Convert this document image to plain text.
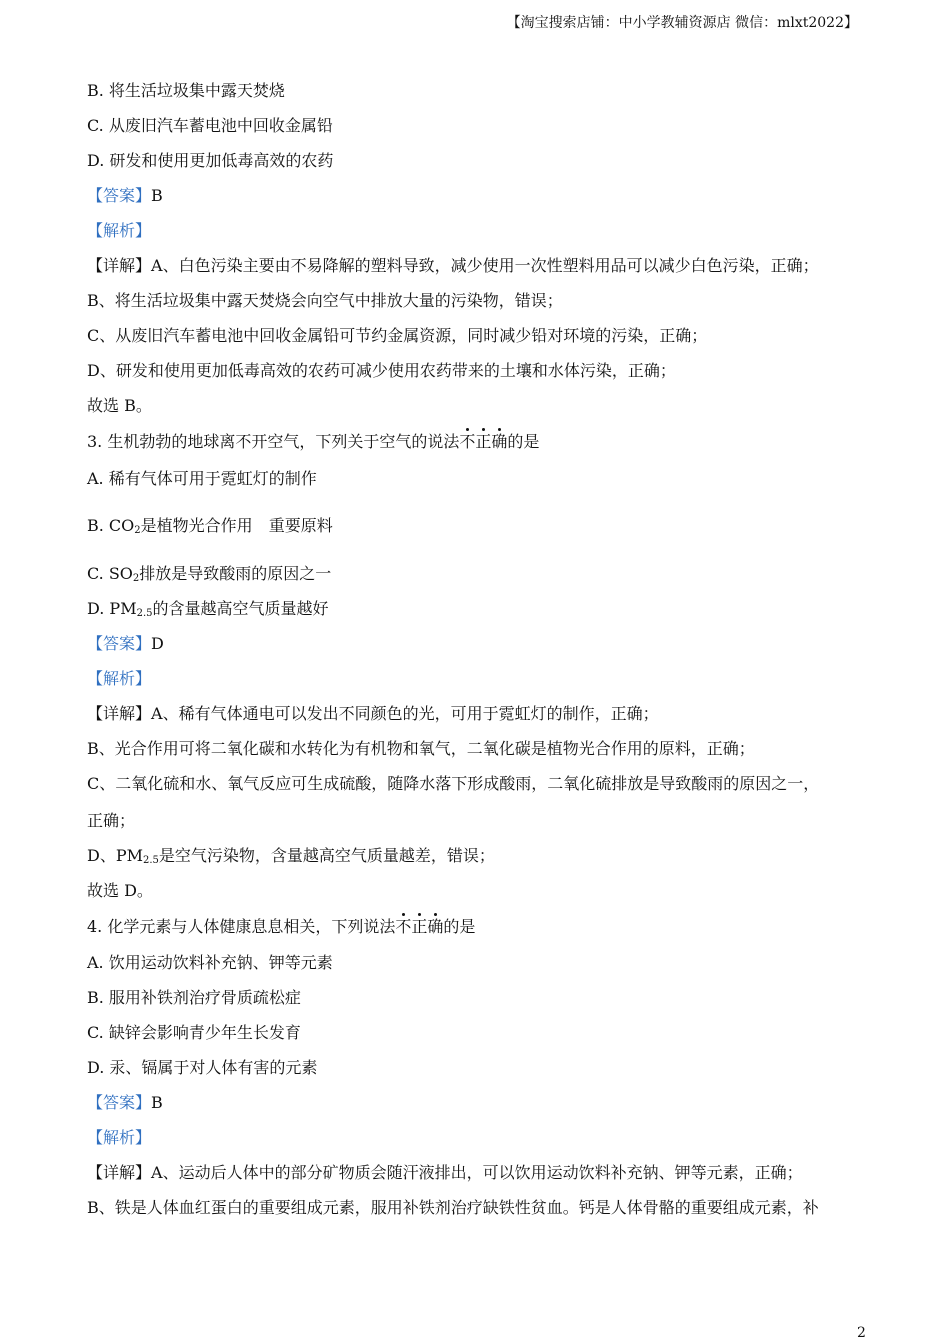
【淘宝搜索店铺：中小学教辅资源店 微信：mlxt2022】
B. 将生活垃圾集中露天焚烧
C. 从废旧汽车蓄电池中回收金属铅
D. 研发和使用更加低毒高效的农药
【答案】B
【解析】
【详解】A、白色污染主要由不易降解的塑料导致，减少使用一次性塑料用品可以减少白色污染，正确；
B、将生活垃圾集中露天焚烧会向空气中排放大量的污染物，错误；
C、从废旧汽车蓄电池中回收金属铅可节约金属资源，同时减少铅对环境的污染，正确；
D、研发和使用更加低毒高效的农药可减少使用农药带来的土壤和水体污染，正确；
故选 B。
3. 生机勃勃的地球离不开空气，下列关于空气的说法不正确的是
A. 稀有气体可用于霓虹灯的制作
B. $CO_2$是植物光合作用 重要原料
C. $SO_2$排放是导致酸雨的原因之一
D. $PM_{2.5}$的含量越高空气质量越好
【答案】D
【解析】
【详解】A、稀有气体通电可以发出不同颜色的光，可用于霓虹灯的制作，正确；
B、光合作用可将二氧化碳和水转化为有机物和氧气，二氧化碳是植物光合作用的原料，正确；
C、二氧化硫和水、氧气反应可生成硫酸，随降水落下形成酸雨，二氧化硫排放是导致酸雨的原因之一，
正确；
D、$PM_{2.5}$是空气污染物，含量越高空气质量越差，错误；
故选 D。
4. 化学元素与人体健康息息相关，下列说法不正确的是
A. 饮用运动饮料补充钠、钾等元素
B. 服用补铁剂治疗骨质疏松症
C. 缺锌会影响青少年生长发育
D. 汞、镉属于对人体有害的元素
【答案】B
【解析】
【详解】A、运动后人体中的部分矿物质会随汗液排出，可以饮用运动饮料补充钠、钾等元素，正确；
B、铁是人体血红蛋白的重要组成元素，服用补铁剂治疗缺铁性贫血。钙是人体骨骼的重要组成元素，补
2
